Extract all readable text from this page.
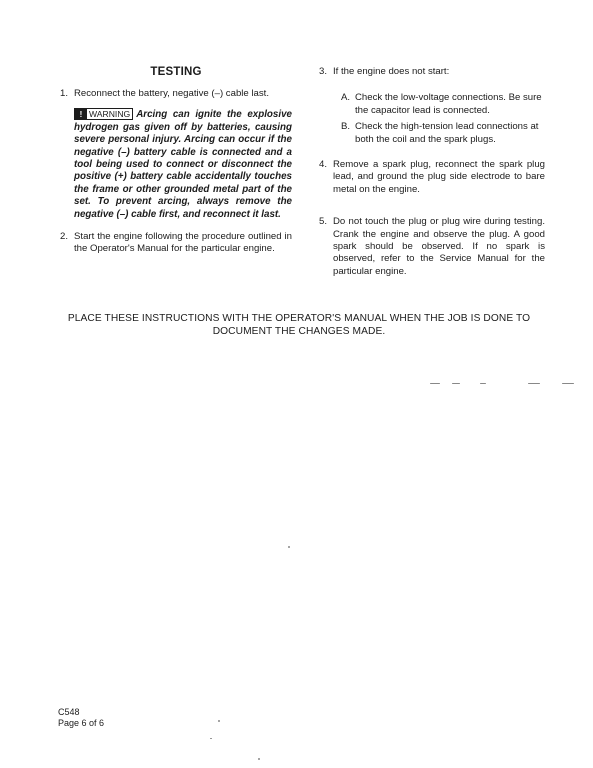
TESTING
1. Reconnect the battery, negative (–) cable last.
! WARNING Arcing can ignite the explosive hydrogen gas given off by batteries, causing severe personal injury. Arcing can occur if the negative (–) battery cable is connected and a tool being used to connect or disconnect the positive (+) battery cable accidentally touches the frame or other grounded metal part of the set. To prevent arcing, always remove the negative (–) cable first, and reconnect it last.
2. Start the engine following the procedure outlined in the Operator's Manual for the particular engine.
3. If the engine does not start:
A. Check the low-voltage connections. Be sure the capacitor lead is connected.
B. Check the high-tension lead connections at both the coil and the spark plugs.
4. Remove a spark plug, reconnect the spark plug lead, and ground the plug side electrode to bare metal on the engine.
5. Do not touch the plug or plug wire during testing. Crank the engine and observe the plug. A good spark should be observed. If no spark is observed, refer to the Service Manual for the particular engine.
PLACE THESE INSTRUCTIONS WITH THE OPERATOR'S MANUAL WHEN THE JOB IS DONE TO DOCUMENT THE CHANGES MADE.
C548
Page 6 of 6
